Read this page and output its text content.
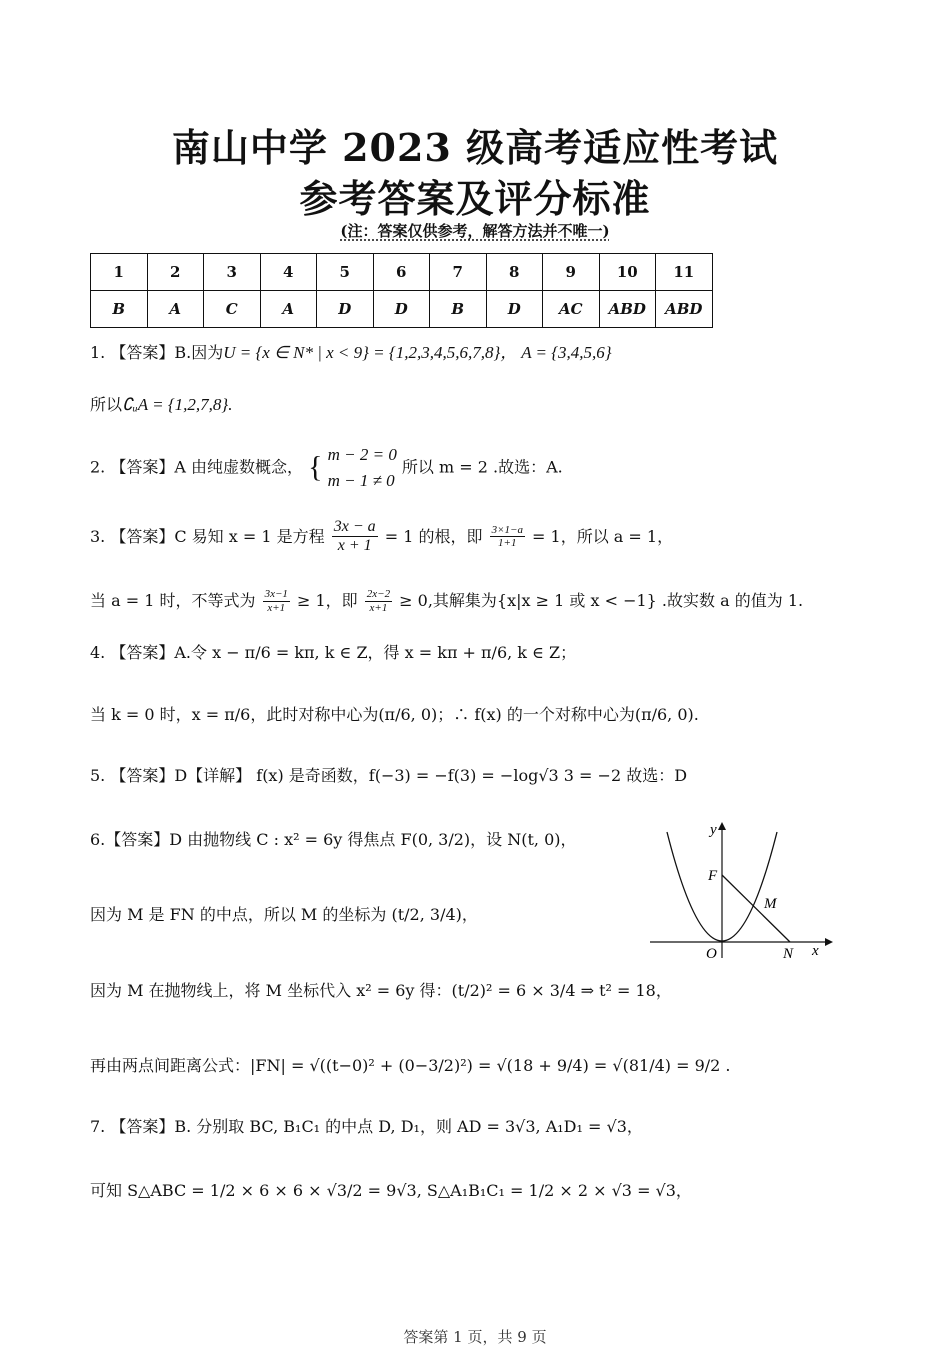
南山中学 2023 级高考适应性考试
参考答案及评分标准
(注：答案仅供参考，解答方法并不唯一)
1	2	3	4	5	6	7	8	9	10	11
B	A	C	A	D	D	B	D	AC	ABD	ABD
1. 【答案】B.因为U = {x ∈ N* | x < 9} = {1,2,3,4,5,6,7,8}， A = {3,4,5,6}
所以∁ᵤA = {1,2,7,8}.
2. 【答案】A 由纯虚数概念， { m − 2 = 0
m − 1 ≠ 0
所以 m = 2 .故选：A.
3. 【答案】C 易知 x = 1 是方程 $\frac{3x - a}{x + 1} = 1$ 的根，即 $\frac{3\times 1-a}{1+1} = 1$，所以 a = 1，
当 a = 1 时，不等式为 $\frac{3x-1}{x+1} \ge 1$，即 $\frac{2x-2}{x+1} \ge 0$,其解集为{x|x ≥ 1 或 x < −1} .故实数 a 的值为 1.
4. 【答案】A.令 x − π/6 = kπ, k ∈ Z，得 x = kπ + π/6, k ∈ Z；
当 k = 0 时，x = π/6，此时对称中心为(π/6, 0)；∴ f(x) 的一个对称中心为(π/6, 0).
5. 【答案】D【详解】 f(x) 是奇函数，f(−3) = −f(3) = −log√3 3 = −2 故选：D
6.【答案】D 由抛物线 C : x² = 6y 得焦点 F(0, 3/2)，设 N(t, 0)，
因为 M 是 FN 的中点，所以 M 的坐标为 (t/2, 3/4)，
因为 M 在抛物线上，将 M 坐标代入 x² = 6y 得：(t/2)² = 6 × 3/4 ⇒ t² = 18，
再由两点间距离公式：|FN| = √((t−0)² + (0−3/2)²) = √(18 + 9/4) = √(81/4) = 9/2 .
7. 【答案】B. 分别取 BC, B₁C₁ 的中点 D, D₁，则 AD = 3√3, A₁D₁ = √3，
可知 S△ABC = 1/2 × 6 × 6 × √3/2 = 9√3, S△A₁B₁C₁ = 1/2 × 2 × √3 = √3，
F
M
O	N x
y
答案第 1 页，共 9 页
